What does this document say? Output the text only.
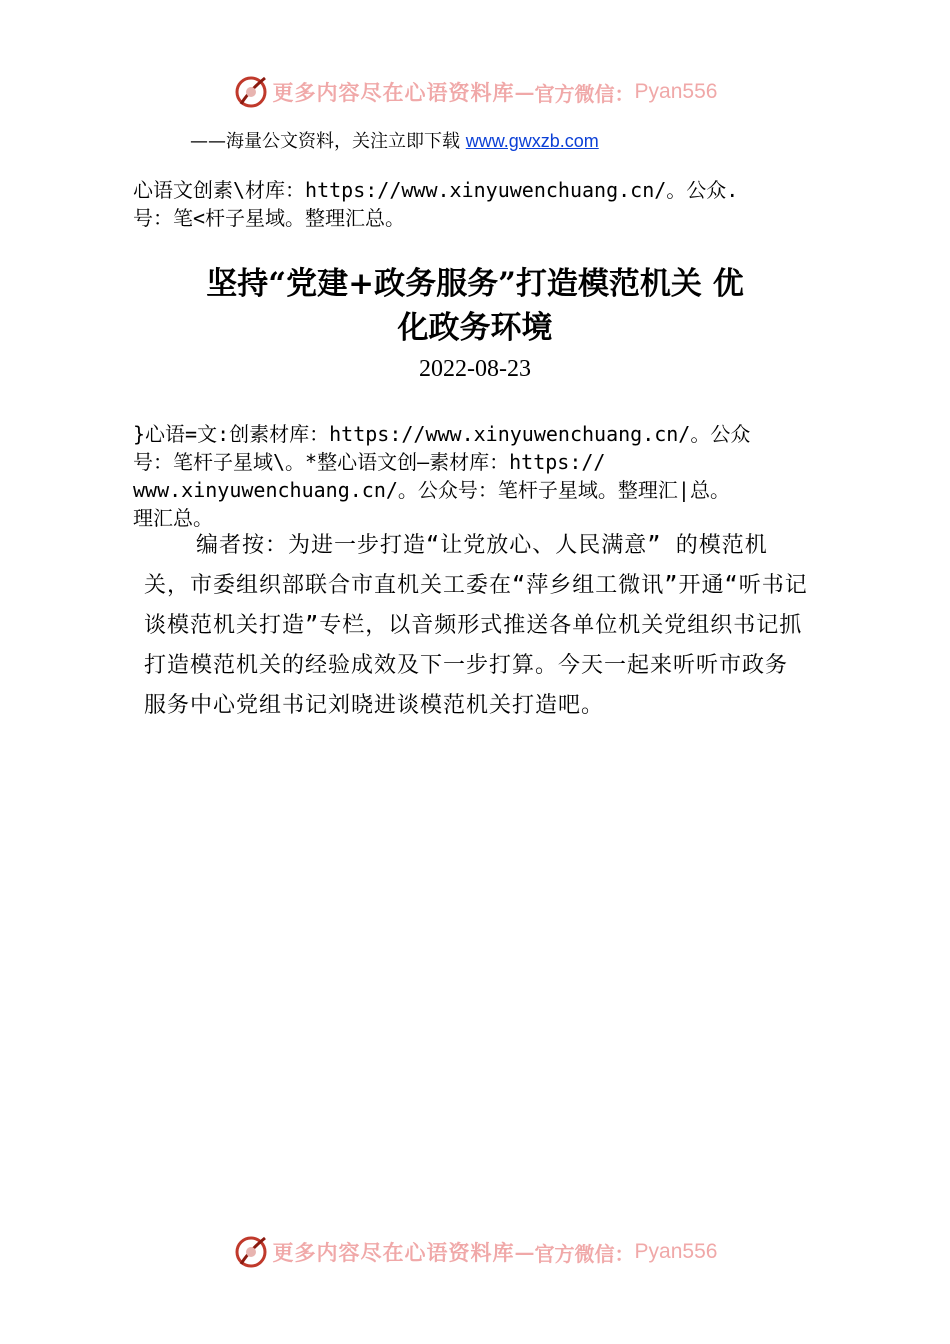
更多内容尽在心语资料库 — 官方微信： Pyan556
——海量公文资料，关注立即下载 www.gwxzb.com

心语文创素\材库：https://www.xinyuwenchuang.cn/。公众.
号：笔<杆子星域。整理汇总。

坚持“党建+政务服务”打造模范机关 优
化政务环境
2022-08-23

}心语=文:创素材库：https://www.xinyuwenchuang.cn/。公众
号：笔杆子星域\。*整心语文创—素材库：https://
www.xinyuwenchuang.cn/。公众号：笔杆子星域。整理汇|总。
理汇总。

编者按：为进一步打造“让党放心、人民满意” 的模范机关，市委组织部联合市直机关工委在“萍乡组工微讯”开通“听书记谈模范机关打造”专栏，以音频形式推送各单位机关党组织书记抓打造模范机关的经验成效及下一步打算。今天一起来听听市政务服务中心党组书记刘晓进谈模范机关打造吧。

更多内容尽在心语资料库 — 官方微信： Pyan556
